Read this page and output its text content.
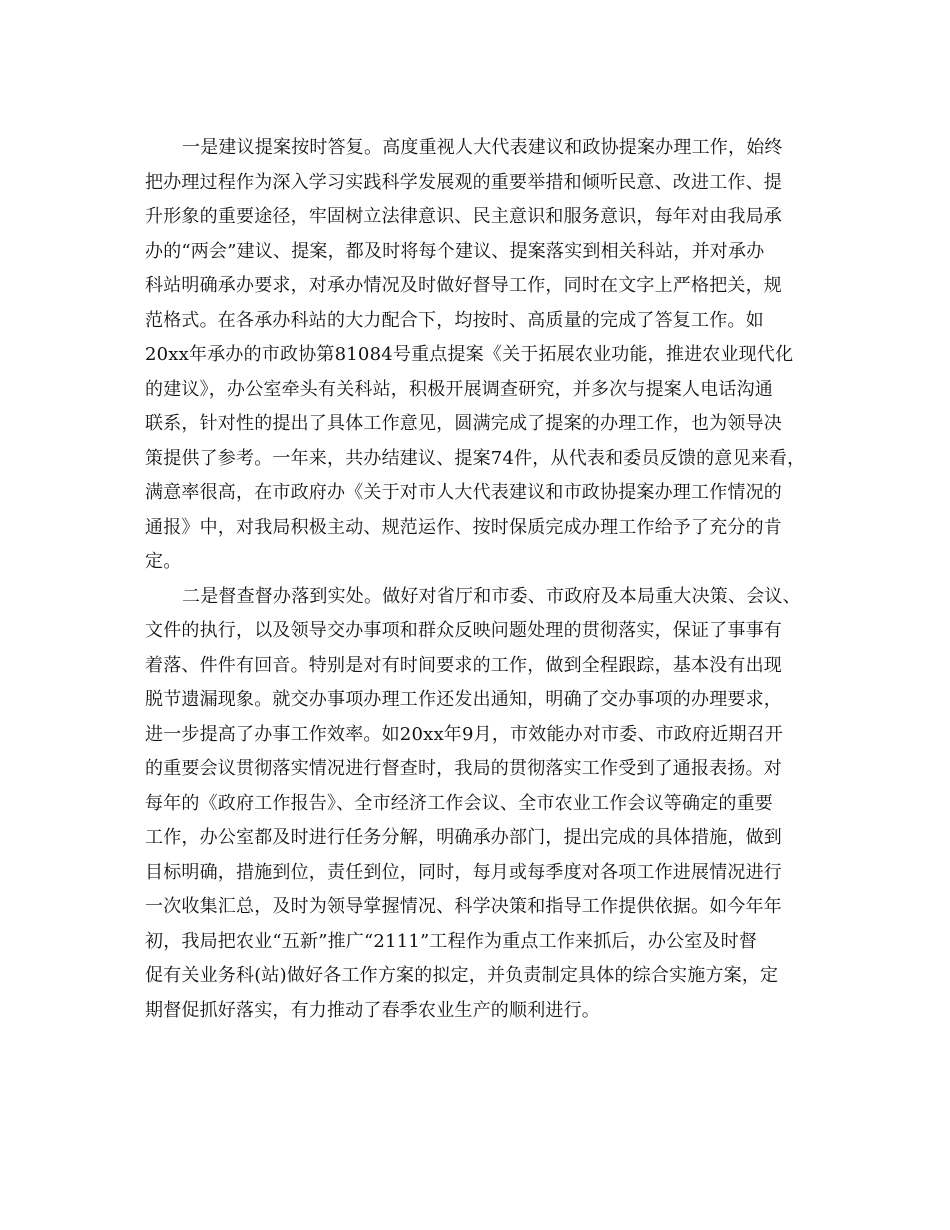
一是建议提案按时答复。高度重视人大代表建议和政协提案办理工作，始终
把办理过程作为深入学习实践科学发展观的重要举措和倾听民意、改进工作、提
升形象的重要途径，牢固树立法律意识、民主意识和服务意识，每年对由我局承
办的“两会”建议、提案，都及时将每个建议、提案落实到相关科站，并对承办
科站明确承办要求，对承办情况及时做好督导工作，同时在文字上严格把关，规
范格式。在各承办科站的大力配合下，均按时、高质量的完成了答复工作。如
20xx年承办的市政协第81084号重点提案《关于拓展农业功能，推进农业现代化
的建议》，办公室牵头有关科站，积极开展调查研究，并多次与提案人电话沟通
联系，针对性的提出了具体工作意见，圆满完成了提案的办理工作，也为领导决
策提供了参考。一年来，共办结建议、提案74件，从代表和委员反馈的意见来看，
满意率很高，在市政府办《关于对市人大代表建议和市政协提案办理工作情况的
通报》中，对我局积极主动、规范运作、按时保质完成办理工作给予了充分的肯
定。
二是督查督办落到实处。做好对省厅和市委、市政府及本局重大决策、会议、
文件的执行，以及领导交办事项和群众反映问题处理的贯彻落实，保证了事事有
着落、件件有回音。特别是对有时间要求的工作，做到全程跟踪，基本没有出现
脱节遗漏现象。就交办事项办理工作还发出通知，明确了交办事项的办理要求，
进一步提高了办事工作效率。如20xx年9月，市效能办对市委、市政府近期召开
的重要会议贯彻落实情况进行督查时，我局的贯彻落实工作受到了通报表扬。对
每年的《政府工作报告》、全市经济工作会议、全市农业工作会议等确定的重要
工作，办公室都及时进行任务分解，明确承办部门，提出完成的具体措施，做到
目标明确，措施到位，责任到位，同时，每月或每季度对各项工作进展情况进行
一次收集汇总，及时为领导掌握情况、科学决策和指导工作提供依据。如今年年
初，我局把农业“五新”推广“2111”工程作为重点工作来抓后，办公室及时督
促有关业务科(站)做好各工作方案的拟定，并负责制定具体的综合实施方案，定
期督促抓好落实，有力推动了春季农业生产的顺利进行。
